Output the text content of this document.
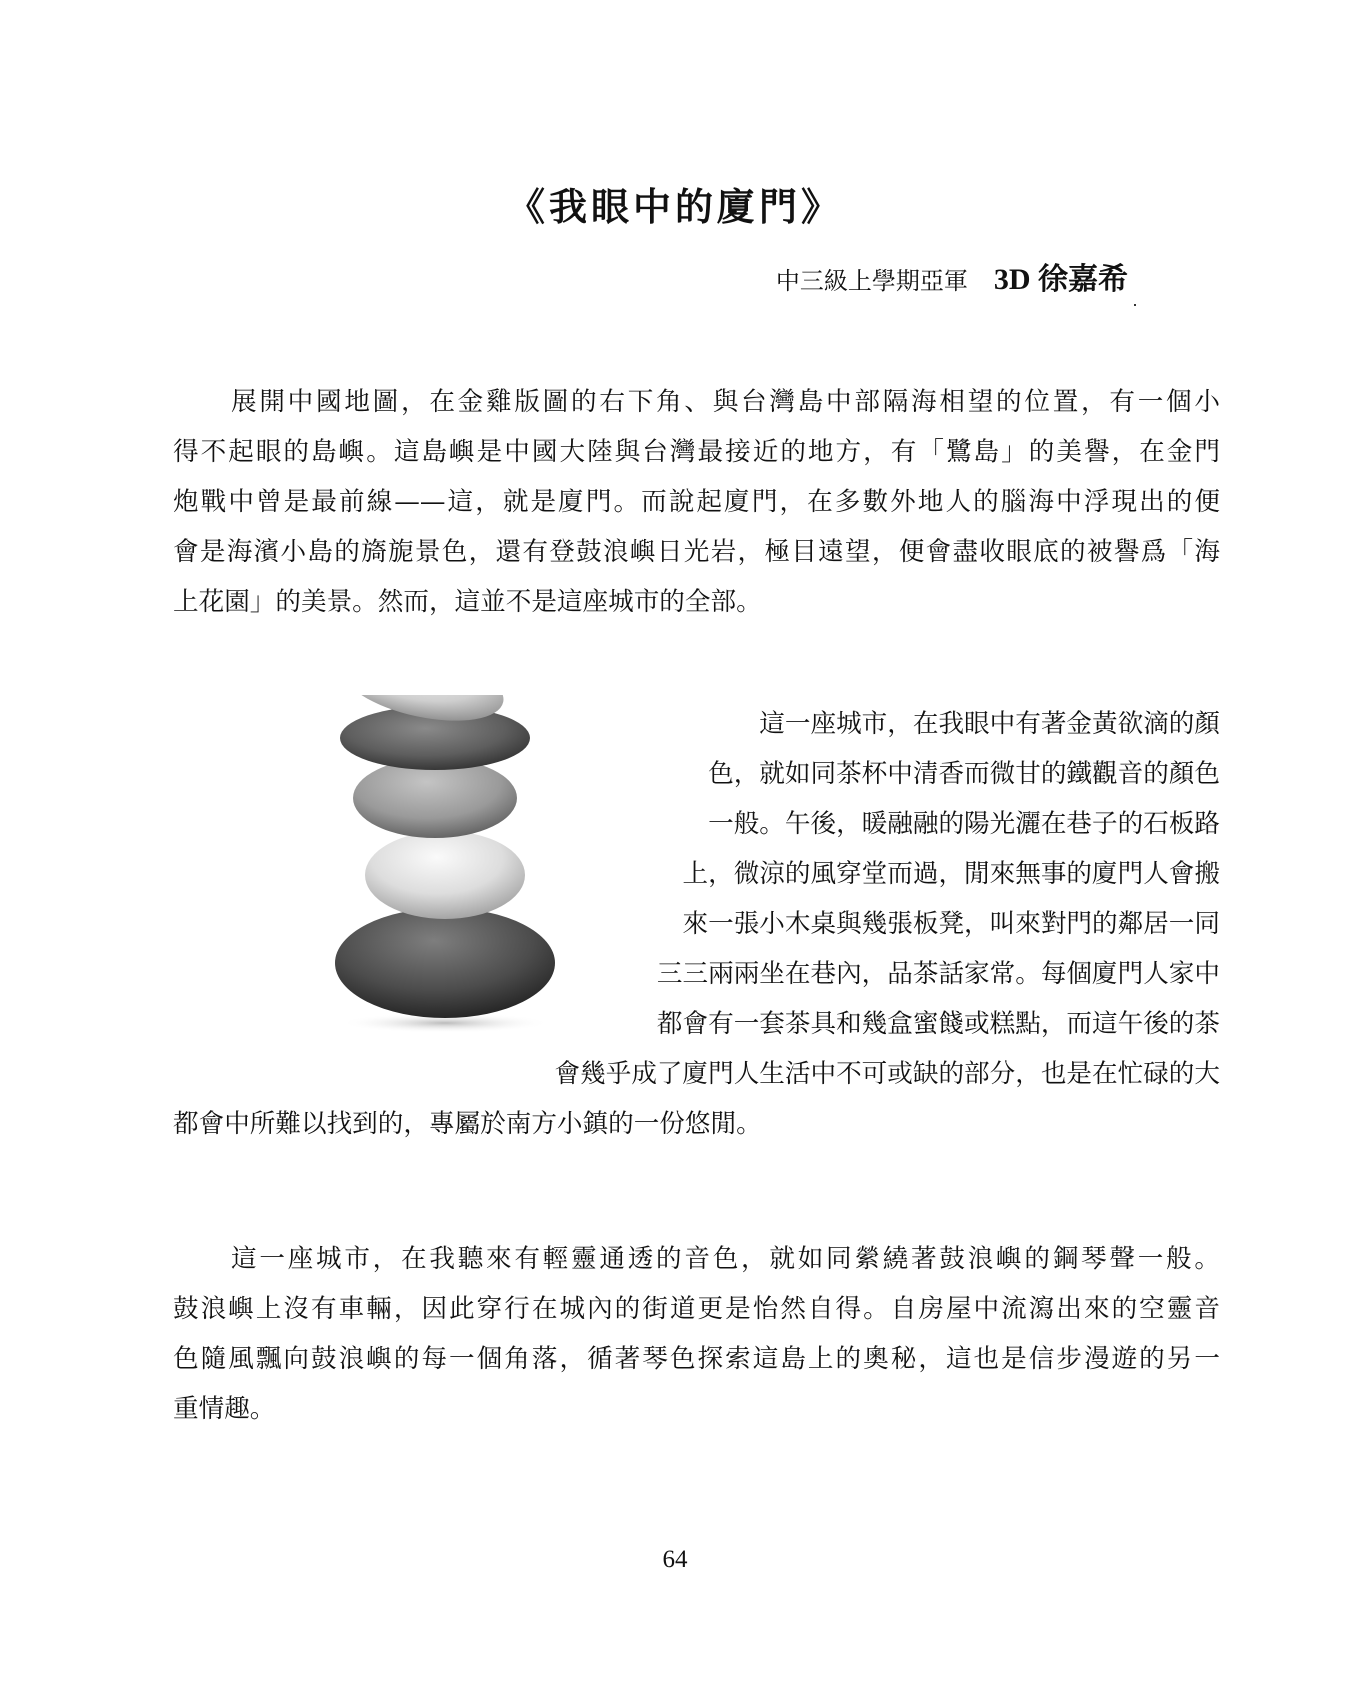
《我眼中的廈門》
中三級上學期亞軍 3D 徐嘉希
展開中國地圖，在金雞版圖的右下角、與台灣島中部隔海相望的位置，有一個小
得不起眼的島嶼。這島嶼是中國大陸與台灣最接近的地方，有「鷺島」的美譽，在金門
炮戰中曾是最前線——這，就是廈門。而說起廈門，在多數外地人的腦海中浮現出的便
會是海濱小島的旖旎景色，還有登鼓浪嶼日光岩，極目遠望，便會盡收眼底的被譽爲「海
上花園」的美景。然而，這並不是這座城市的全部。
這一座城市，在我眼中有著金黃欲滴的顏
色，就如同茶杯中清香而微甘的鐵觀音的顏色
一般。午後，暖融融的陽光灑在巷子的石板路
上，微涼的風穿堂而過，閒來無事的廈門人會搬
來一張小木桌與幾張板凳，叫來對門的鄰居一同
三三兩兩坐在巷內，品茶話家常。每個廈門人家中
都會有一套茶具和幾盒蜜餞或糕點，而這午後的茶
會幾乎成了廈門人生活中不可或缺的部分，也是在忙碌的大
都會中所難以找到的，專屬於南方小鎮的一份悠閒。
這一座城市，在我聽來有輕靈通透的音色，就如同縈繞著鼓浪嶼的鋼琴聲一般。
鼓浪嶼上沒有車輛，因此穿行在城內的街道更是怡然自得。自房屋中流瀉出來的空靈音
色隨風飄向鼓浪嶼的每一個角落，循著琴色探索這島上的奧秘，這也是信步漫遊的另一
重情趣。
64
